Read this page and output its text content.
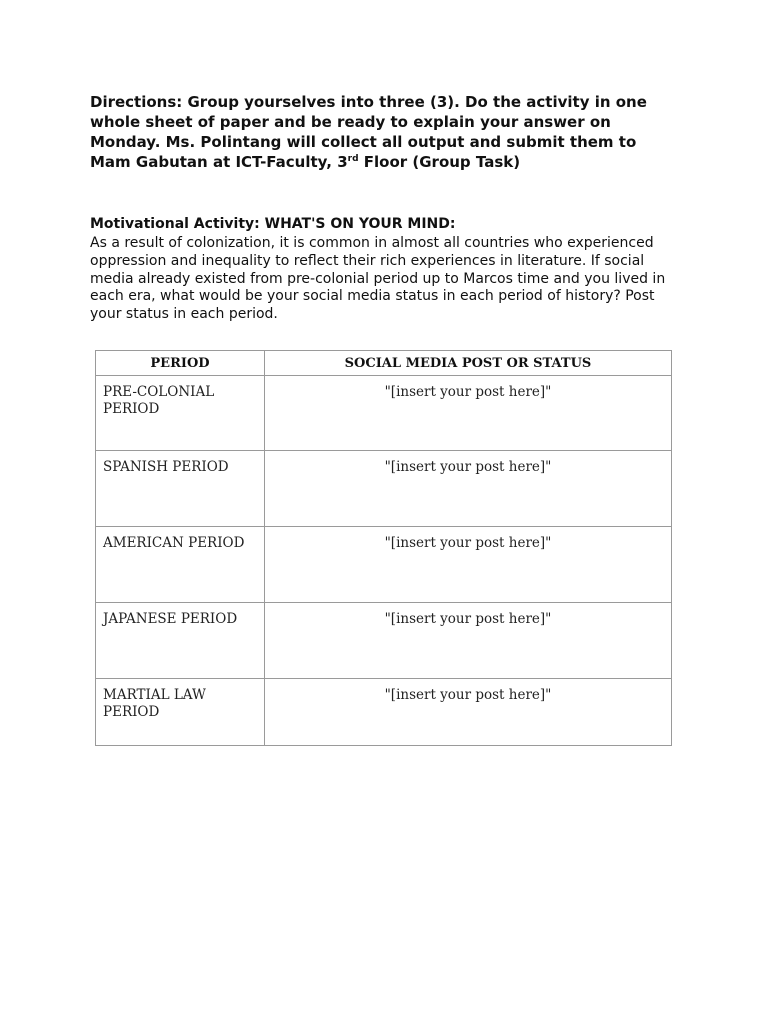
Directions: Group yourselves into three (3). Do the activity in one whole sheet of paper and be ready to explain your answer on Monday. Ms. Polintang will collect all output and submit them to Mam Gabutan at ICT-Faculty, 3rd Floor (Group Task)

Motivational Activity: WHAT'S ON YOUR MIND:

As a result of colonization, it is common in almost all countries who experienced oppression and inequality to reflect their rich experiences in literature. If social media already existed from pre-colonial period up to Marcos time and you lived in each era, what would be your social media status in each period of history? Post your status in each period.

PERIOD	SOCIAL MEDIA POST OR STATUS
PRE-COLONIAL PERIOD	"[insert your post here]"
SPANISH PERIOD	"[insert your post here]"
AMERICAN PERIOD	"[insert your post here]"
JAPANESE PERIOD	"[insert your post here]"
MARTIAL LAW PERIOD	"[insert your post here]"
